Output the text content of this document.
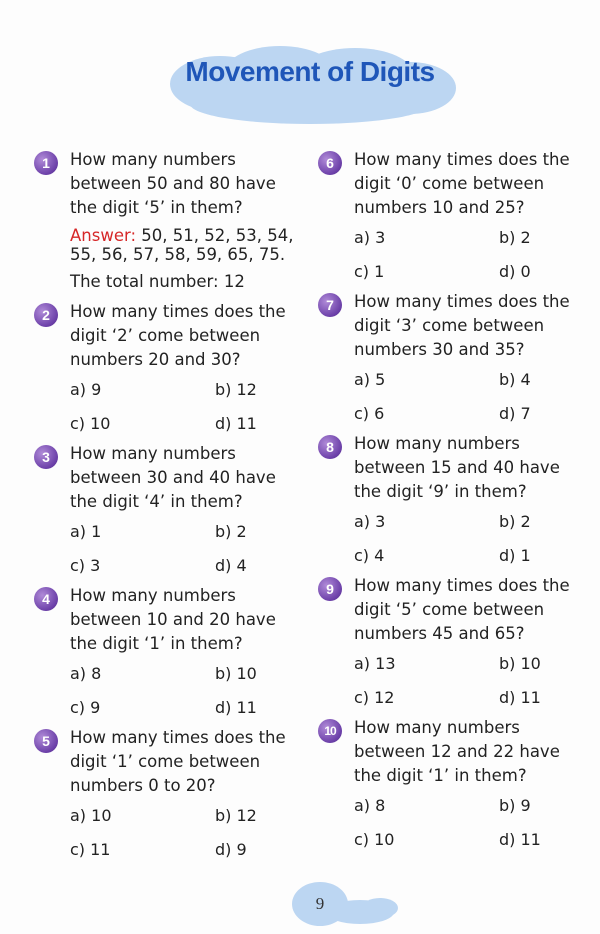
Movement of Digits
1	How many numbers between 50 and 80 have the digit ‘5’ in them?

Answer: 50, 51, 52, 53, 54, 55, 56, 57, 58, 59, 65, 75.
The total number: 12
2	How many times does the digit ‘2’ come between numbers 20 and 30?

a) 9	b) 12
c) 10	d) 11
3	How many numbers between 30 and 40 have the digit ‘4’ in them?

a) 1	b) 2
c) 3	d) 4
4	How many numbers between 10 and 20 have the digit ‘1’ in them?

a) 8	b) 10
c) 9	d) 11
5	How many times does the digit ‘1’ come between numbers 0 to 20?

a) 10	b) 12
c) 11	d) 9
6	How many times does the digit ‘0’ come between numbers 10 and 25?

a) 3	b) 2
c) 1	d) 0
7	How many times does the digit ‘3’ come between numbers 30 and 35?

a) 5	b) 4
c) 6	d) 7
8	How many numbers between 15 and 40 have the digit ‘9’ in them?

a) 3	b) 2
c) 4	d) 1
9	How many times does the digit ‘5’ come between numbers 45 and 65?

a) 13	b) 10
c) 12	d) 11
10	How many numbers between 12 and 22 have the digit ‘1’ in them?

a) 8	b) 9
c) 10	d) 11
9
